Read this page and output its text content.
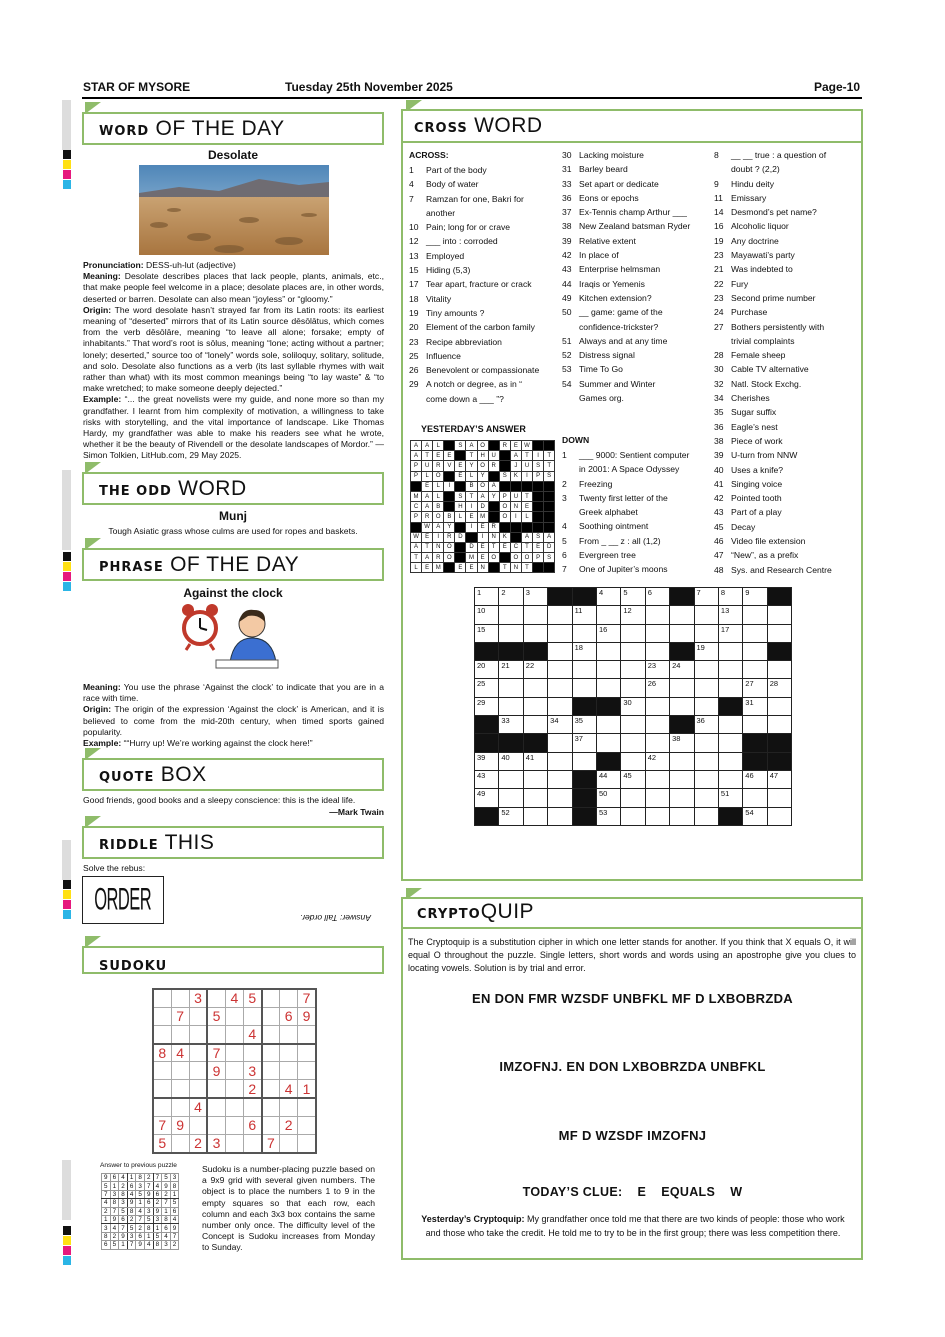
STAR OF MYSORE	Tuesday 25th November 2025	Page-10
WORD OF THE DAY
Desolate
Pronunciation: DESS-uh-lut (adjective)
Meaning: Desolate describes places that lack people, plants, animals, etc., that make people feel welcome in a place; desolate places are, in other words, deserted or barren. Desolate can also mean “joyless” or “gloomy.”
Origin: The word desolate hasn’t strayed far from its Latin roots: its earliest meaning of “deserted” mirrors that of its Latin source dēsōlātus, which comes from the verb dēsōlāre, meaning “to leave all alone; forsake; empty of inhabitants.” That word’s root is sōlus, meaning “lone; acting without a partner; lonely; deserted,” source too of “lonely” words sole, soliloquy, solitary, solitude, and solo. Desolate also functions as a verb (its last syllable rhymes with wait rather than what) with its most common meanings being “to lay waste” & “to make wretched; to make someone deeply dejected.”
Example: “... the great novelists were my guide, and none more so than my grandfather. I learnt from him complexity of motivation, a willingness to take risks with storytelling, and the vital importance of landscape. Like Thomas Hardy, my grandfather was able to make his readers see what he wrote, whether it be the beauty of Rivendell or the desolate landscapes of Mordor.” — Simon Tolkien, LitHub.com, 29 May 2025.
THE ODD WORD
Munj
Tough Asiatic grass whose culms are used for ropes and baskets.
PHRASE OF THE DAY
Against the clock
Meaning: You use the phrase ‘Against the clock’ to indicate that you are in a race with time.
Origin: The origin of the expression ‘Against the clock’ is American, and it is believed to come from the mid-20th century, when timed sports gained popularity.
Example: ““Hurry up! We’re working against the clock here!”
QUOTE BOX
Good friends, good books and a sleepy conscience: this is the ideal life.
—Mark Twain
RIDDLE THIS
Solve the rebus:
ORDER
Answer: Tall order.
SUDOKU
		3		4	5			7
	7		5				6	9
					4			
8	4		7					
			9		3			
					2		4	1
		4						
7	9				6		2	
5		2	3			7		
Answer to previous puzzle
9	6	4	1	8	2	7	5	3
5	1	2	6	3	7	4	9	8
7	3	8	4	5	9	6	2	1
4	8	3	9	1	6	2	7	5
2	7	5	8	4	3	9	1	6
1	9	6	2	7	5	3	8	4
3	4	7	5	2	8	1	6	9
8	2	9	3	6	1	5	4	7
6	5	1	7	9	4	8	3	2
Sudoku is a number-placing puzzle based on a 9x9 grid with several given numbers. The object is to place the numbers 1 to 9 in the empty squares so that each row, each column and each 3x3 box contains the same number only once. The difficulty level of the Concept is Sudoku increases from Monday to Sunday.
CROSS WORD
ACROSS:
1	Part of the body
4	Body of water
7	Ramzan for one, Bakri for
another
10 Pain; long for or crave
12 ___ into : corroded
13 Employed
15 Hiding (5,3)
17 Tear apart, fracture or crack
18 Vitality
19 Tiny amounts ?
20 Element of the carbon family
23 Recipe abbreviation
25 Influence
26 Benevolent or compassionate
29 A notch or degree, as in “
come down a ___ ”?
30 Lacking moisture
31 Barley beard
33 Set apart or dedicate
36 Eons or epochs
37 Ex-Tennis champ Arthur ___
38 New Zealand batsman Ryder
39 Relative extent
42 In place of
43 Enterprise helmsman
44 Iraqis or Yemenis
49 Kitchen extension?
50 __ game: game of the
confidence-trickster?
51 Always and at any time
52 Distress signal
53 Time To Go
54 Summer and Winter
Games org.
8	__ __ true : a question of
doubt ? (2,2)
9	Hindu deity
11 Emissary
14 Desmond’s pet name?
16 Alcoholic liquor
19 Any doctrine
23 Mayawati’s party
21 Was indebted to
22 Fury
23 Second prime number
24 Purchase
27 Bothers persistently with
trivial complaints
28 Female sheep
30 Cable TV alternative
32 Natl. Stock Exchg.
34 Cherishes
35 Sugar suffix
36 Eagle’s nest
38 Piece of work
39 U-turn from NNW
40 Uses a knife?
41 Singing voice
42 Pointed tooth
43 Part of a play
45 Decay
46 Video file extension
47 “New”, as a prefix
48 Sys. and Research Centre
DOWN
1	___ 9000: Sentient computer
in 2001: A Space Odyssey
2	Freezing
3	Twenty first letter of the
Greek alphabet
4	Soothing ointment
5	From _ __ z : all (1,2)
6	Evergreen tree
7	One of Jupiter’s moons
YESTERDAY’S ANSWER
A	A	L		S	A	O		R	E	W		
A	T	E	E		T	H	U		A	T	I	T
P	U	R	V	E	Y	O	R		J	U	S	T
P	L	O		E	L	Y		S	K	I	P	S
	E	L	I		B	O	A					
M	A	L		S	T	A	Y	P	U	T		
C	A	B		H	I	D		O	N	E		
P	R	O	B	L	E	M		O	I	L		
	W	A	Y		I	E	R					
W	E	I	R	D		I	N	K		A	S	A
A	T	N	O		D	E	T	E	C	T	E	D
T	A	R	O		M	E	O		O	O	P	S
L	E	M		E	E	N		T	N	T		
1	2	3			4	5	6		7	8	9	
10				11		12				13		
15					16					17		
				18					19			
20	21	22					23	24				
25							26				27	28
29						30					31	
	33		34	35					36			
				37				38				
39	40	41					42					
43					44	45					46	47
49					50					51		
	52				53						54	
CRYPTOQUIP
The Cryptoquip is a substitution cipher in which one letter stands for another. If you think that X equals O, it will equal O throughout the puzzle. Single letters, short words and words using an apostrophe give you clues to locating vowels. Solution is by trial and error.
EN DON FMR WZSDF UNBFKL MF D LXBOBRZDA
IMZOFNJ. EN DON LXBOBRZDA UNBFKL
MF D WZSDF IMZOFNJ
TODAY’S CLUE:    E    EQUALS    W
Yesterday’s Cryptoquip: My grandfather once told me that there are two kinds of people: those who work and those who take the credit. He told me to try to be in the first group; there was less competition there.
